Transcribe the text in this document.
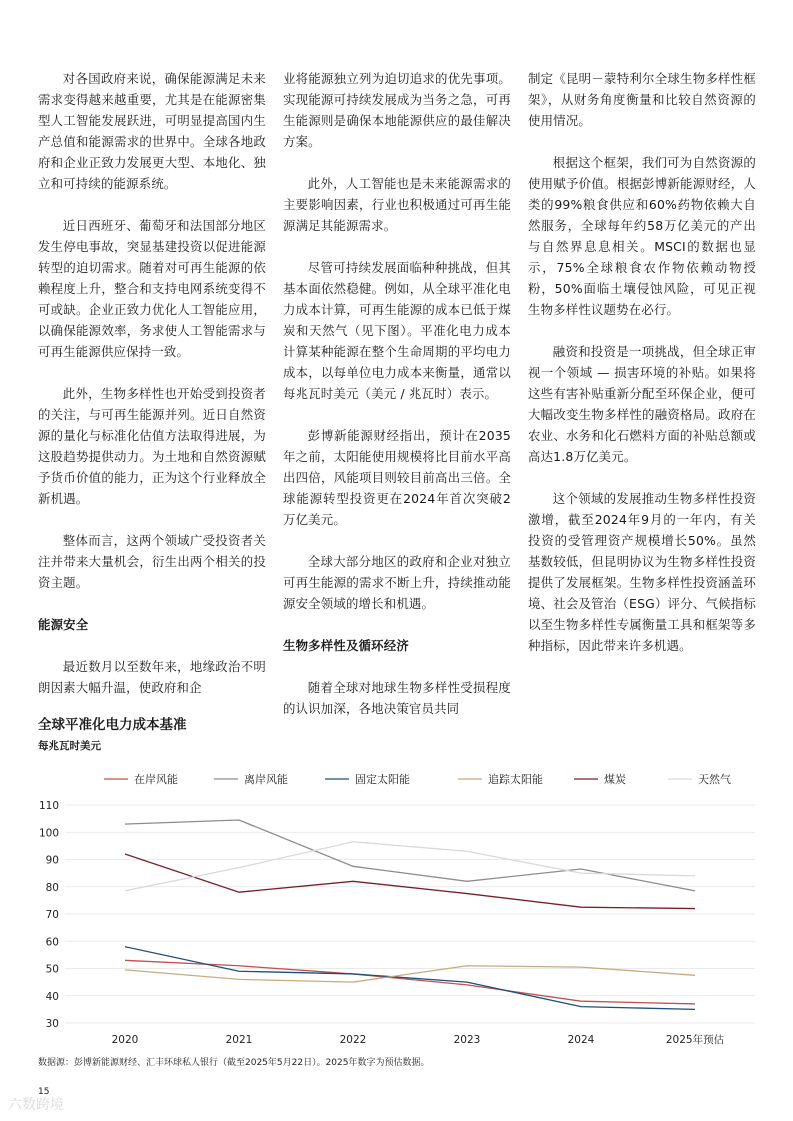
对各国政府来说，确保能源满足未来需求变得越来越重要，尤其是在能源密集型人工智能发展跃进，可明显提高国内生产总值和能源需求的世界中。全球各地政府和企业正致力发展更大型、本地化、独立和可持续的能源系统。

近日西班牙、葡萄牙和法国部分地区发生停电事故，突显基建投资以促进能源转型的迫切需求。随着对可再生能源的依赖程度上升，整合和支持电网系统变得不可或缺。企业正致力优化人工智能应用，以确保能源效率，务求使人工智能需求与可再生能源供应保持一致。

此外，生物多样性也开始受到投资者的关注，与可再生能源并列。近日自然资源的量化与标准化估值方法取得进展，为这股趋势提供动力。为土地和自然资源赋予货币价值的能力，正为这个行业释放全新机遇。

整体而言，这两个领域广受投资者关注并带来大量机会，衍生出两个相关的投资主题。

能源安全

最近数月以至数年来，地缘政治不明朗因素大幅升温，使政府和企

业将能源独立列为迫切追求的优先事项。实现能源可持续发展成为当务之急，可再生能源则是确保本地能源供应的最佳解决方案。

此外，人工智能也是未来能源需求的主要影响因素，行业也积极通过可再生能源满足其能源需求。

尽管可持续发展面临种种挑战，但其基本面依然稳健。例如，从全球平准化电力成本计算，可再生能源的成本已低于煤炭和天然气（见下图）。平准化电力成本计算某种能源在整个生命周期的平均电力成本，以每单位电力成本来衡量，通常以每兆瓦时美元（美元 / 兆瓦时）表示。

彭博新能源财经指出，预计在2035年之前，太阳能使用规模将比目前水平高出四倍，风能项目则较目前高出三倍。全球能源转型投资更在2024年首次突破2万亿美元。

全球大部分地区的政府和企业对独立可再生能源的需求不断上升，持续推动能源安全领域的增长和机遇。

生物多样性及循环经济

随着全球对地球生物多样性受损程度的认识加深，各地决策官员共同

制定《昆明－蒙特利尔全球生物多样性框架》，从财务角度衡量和比较自然资源的使用情况。

根据这个框架，我们可为自然资源的使用赋予价值。根据彭博新能源财经，人类的99%粮食供应和60%药物依赖大自然服务，全球每年约58万亿美元的产出与自然界息息相关。MSCI的数据也显示，75%全球粮食农作物依赖动物授粉，50%面临土壤侵蚀风险，可见正视生物多样性议题势在必行。

融资和投资是一项挑战，但全球正审视一个领域 — 损害环境的补贴。如果将这些有害补贴重新分配至环保企业，便可大幅改变生物多样性的融资格局。政府在农业、水务和化石燃料方面的补贴总额或高达1.8万亿美元。

这个领域的发展推动生物多样性投资激增，截至2024年9月的一年内，有关投资的受管理资产规模增长50%。虽然基数较低，但昆明协议为生物多样性投资提供了发展框架。生物多样性投资涵盖环境、社会及管治（ESG）评分、气候指标以至生物多样性专属衡量工具和框架等多种指标，因此带来许多机遇。

全球平准化电力成本基准
每兆瓦时美元
在岸风能	离岸风能	固定太阳能	追踪太阳能	煤炭	天然气
30
40
50
60
70
80
90
100
110
2020	2021	2022	2023	2024	2025年预估
数据源：彭博新能源财经、汇丰环球私人银行（截至2025年5月22日）。2025年数字为预估数据。
15
六数跨境
